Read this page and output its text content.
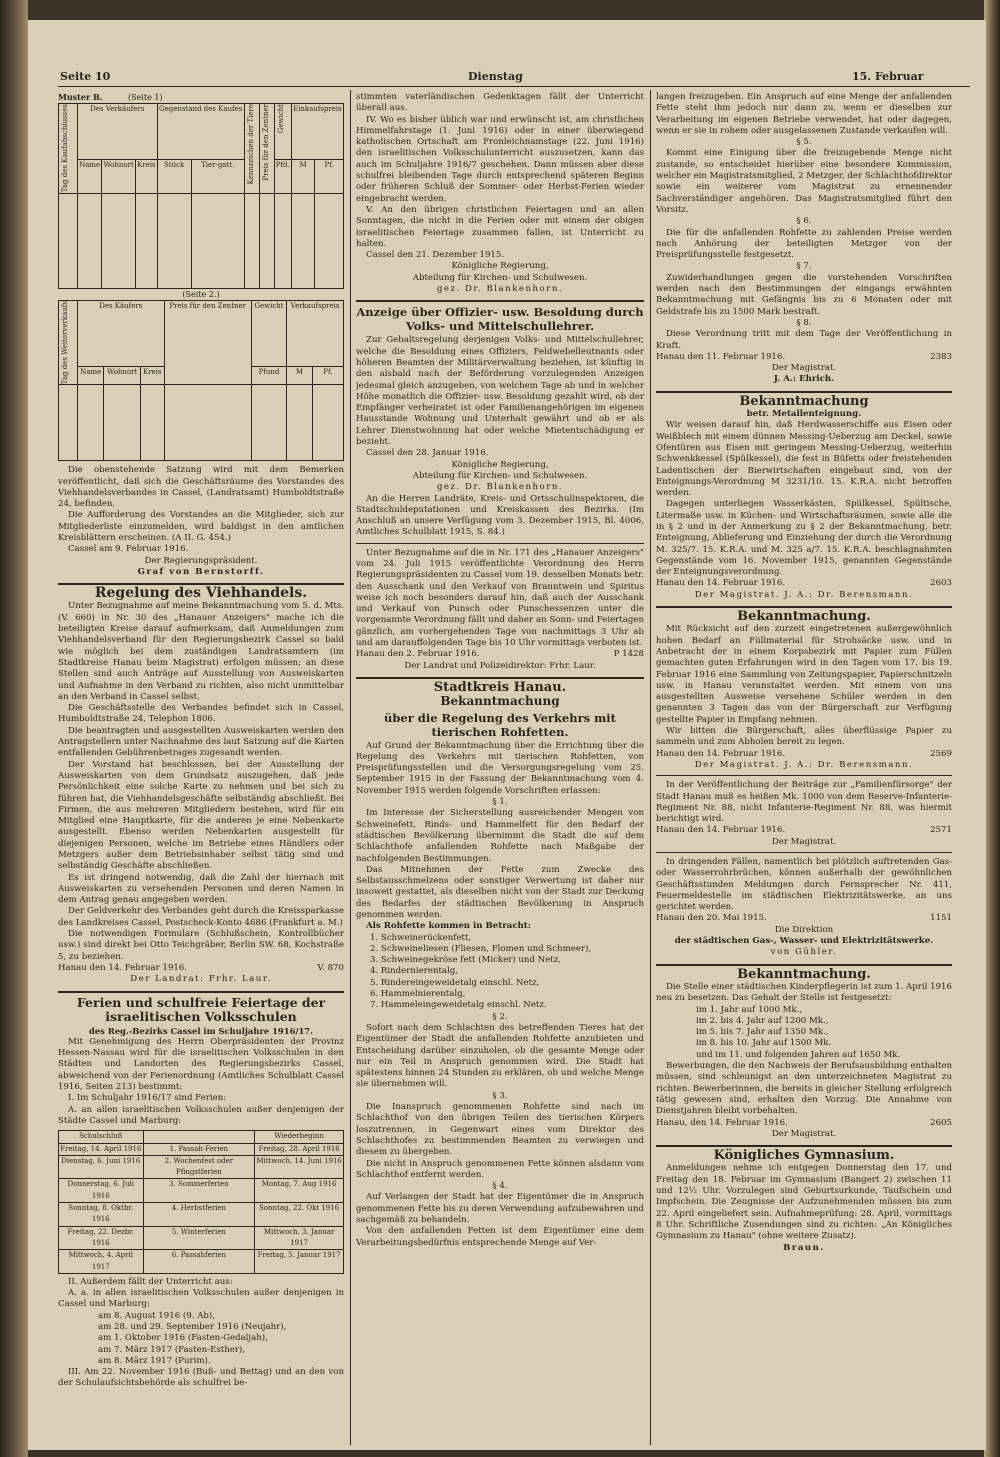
Seite 10	Dienstag	15. Februar
Muster B.	(Seite 1)
Tag des Kaufabschlusses	Des Verkäufers			Gegenstand des Kaufes		Kennzeichen der Tiere	Preis für den Zentner	Gewicht	Einkaufspreis	
	Name	Wohnort	Kreis	Stück	Tier-gatt.			Pfd.	M	Pf.

(Seite 2.)
Tag des Weiterverkaufs	Des Käufers			Preis für den Zentner	Gewicht	Verkaufspreis	
	Name	Wohnort	Kreis		Pfund	M	Pf.

Die obenstehende Satzung wird mit dem Bemerken veröffentlicht, daß sich die Geschäftsräume des Vorstandes des Viehhandelsverbandes in Cassel, (Landratsamt) Humboldtstraße 24, befinden.

Die Aufforderung des Vorstandes an die Mitglieder, sich zur Mitgliederliste einzumelden, wird baldigst in den amtlichen Kreisblättern erscheinen. (A II. G. 454.)

Cassel am 9. Februar 1916.

Der Regierungspräsident.
Graf von Bernstorff.
Regelung des Viehhandels.

Unter Bezugnahme auf meine Bekanntmachung vom 5. d. Mts. (V. 660) in Nr. 30 des „Hanauer Anzeigers" mache ich die beteiligten Kreise darauf aufmerksam, daß Anmeldungen zum Viehhandelsverband für den Regierungsbezirk Cassel so bald wie möglich bei dem zuständigen Landratsamtern (im Stadtkreise Hanau beim Magistrat) erfolgen müssen; an diese Stellen sind auch Anträge auf Ausstellung von Ausweiskarten und Aufnahme in den Verband zu richten, also nicht unmittelbar an den Verband in Cassel selbst.

Die Geschäftsstelle des Verbandes befindet sich in Cassel, Humboldtstraße 24, Telephon 1806.

Die beantragten und ausgestellten Ausweiskarten werden den Antragstellern unter Nachnahme des laut Satzung auf die Karten entfallenden Gebührenbetrages zugesandt werden.

Der Vorstand hat beschlossen, bei der Ausstellung der Ausweiskarten von dem Grundsatz auszugehen, daß jede Persönlichkeit eine solche Karte zu nehmen und bei sich zu führen hat, die Viehhandelsgeschäfte selbständig abschließt. Bei Firmen, die aus mehreren Mitgliedern bestehen, wird für ein Mitglied eine Hauptkarte, für die anderen je eine Nebenkarte ausgestellt. Ebenso werden Nebenkarten ausgestellt für diejenigen Personen, welche im Betriebe eines Händlers oder Metzgers außer dem Betriebsinhaber selbst tätig sind und selbständig Geschäfte abschließen.

Es ist dringend notwendig, daß die Zahl der hiernach mit Ausweiskarten zu versehenden Personen und deren Namen in dem Antrag genau angegeben werden.

Der Geldverkehr des Verbandes geht durch die Kreissparkasse des Landkreises Cassel, Postscheck-Konto 4686 (Frankfurt a. M.)

Die notwendigen Formulare (Schlußschein, Kontrollbücher usw.) sind direkt bei Otto Teichgräber, Berlin SW. 68, Kochstraße 5, zu beziehen.

Hanau den 14. Februar 1916.	V. 870

Der Landrat: Frhr. Laur.
Ferien und schulfreie Feiertage der israelitischen Volksschulen
des Reg.-Bezirks Cassel im Schuljahre 1916/17.

Mit Genehmigung des Herrn Oberpräsidenten der Provinz Hessen-Nassau wird für die israelitischen Volksschulen in den Städten und Landorten des Regierungsbezirks Cassel, abweichend von der Ferienordnung (Amtliches Schulblatt Cassel 1916, Seiten 213) bestimmt:

I. Im Schuljahr 1916/17 sind Ferien:

A. an allen israelitischen Volksschulen außer denjenigen der Städte Cassel und Marburg:

Schulschluß		Wiederbeginn
Freitag, 14. April 1916	1. Passah-Ferien	Freitag, 28. April 1916
Dienstag, 6. Juni 1916	2. Wochenfest oder Pfingstferien	Mittwoch, 14. Juni 1916
Donnerstag, 6. Juli 1916	3. Sommerferien	Montag, 7. Aug 1916
Sonntag, 8. Oktbr. 1916	4. Herbstferien	Sonntag, 22. Okt 1916
Freitag, 22. Dezbr. 1916	5. Winterferien	Mittwoch, 3. Januar 1917
Mittwoch, 4. April 1917	6. Passahferien	Freitag, 5. Januar 1917

II. Außerdem fällt der Unterricht aus:

A. a. in allen israelitischen Volksschulen außer denjenigen in Cassel und Marburg:

am 8. August 1916 (9. Ab),

am 28. und 29. September 1916 (Neujahr),

am 1. Oktober 1916 (Fasten-Gedaljah),

am 7. März 1917 (Fasten-Esther),

am 8. März 1917 (Purim).

III. Am 22. November 1916 (Buß- und Bettag) und an den von der Schulaufsichtsbehörde als schulfrei be-

stimmten vaterländischen Gedenktagen fällt der Unterricht überall aus.

IV. Wo es bisher üblich war und erwünscht ist, am christlichen Himmelfahrstage (1. Juni 1916) oder in einer überwiegend katholischen Ortschaft am Fronleichnamstage (22. Juni 1916) den israelitischen Volksschulunterricht auszusetzen, kann das auch im Schuljahre 1916/7 geschehen. Dann müssen aber diese schulfrei bleibenden Tage durch entsprechend späteren Beginn oder früheren Schluß der Sommer- oder Herbst-Ferien wieder eingebracht werden.

V. An den übrigen christlichen Feiertagen und an allen Sonntagen, die nicht in die Ferien oder mit einem der obigen israelitischen Feiertage zusammen fallen, ist Unterricht zu halten.

Cassel den 21. Dezember 1915.

Königliche Regierung,
Abteilung für Kirchen- und Schulwesen.
gez. Dr. Blankenhorn.
Anzeige über Offizier- usw. Besoldung durch Volks- und Mittelschullehrer.

Zur Gehaltsregelung derjenigen Volks- und Mittelschullehrer, welche die Besoldung eines Offiziers, Feldwebelleutnants oder höheren Beamten der Militärverwaltung beziehen, ist künftig in den alsbald nach der Beförderung vorzulegenden Anzeigen jedesmal gleich anzugeben, von welchem Tage ab und in welcher Höhe monatlich die Offizier- usw. Besoldung gezahlt wird, ob der Empfänger verheiratet ist oder Familienangehörigen im eigenen Hausstande Wohnung und Unterhalt gewährt und ob er als Lehrer Dienstwohnung hat oder welche Mietentschädigung er bezieht.

Cassel den 28. Januar 1916.

Königliche Regierung,
Abteilung für Kirchen- und Schulwesen.
gez. Dr. Blankenhorn.

An die Herren Landräte, Kreis- und Ortsschulinspektoren, die Stadtschuldeputationen und Kreiskassen des Bezirks. (Im Anschluß an unsere Verfügung vom 3. Dezember 1915, Bl. 4006, Amtliches Schulblatt 1915, S. 84.)

Unter Bezugnahme auf die in Nr. 171 des „Hanauer Anzeigers" vom 24. Juli 1915 veröffentlichte Verordnung des Herrn Regierungspräsidenten zu Cassel vom 19. desselben Monats betr. den Ausschank und den Verkauf von Branntwein und Spiritus weise ich noch besonders darauf hin, daß auch der Ausschank und Verkauf von Punsch oder Punschessenzen unter die vorgenannte Verordnung fällt und daher an Sonn- und Feiertagen gänzlich, am vorhergehenden Tage von nachmittags 3 Uhr ab und am darauffolgenden Tage bis 10 Uhr vormittags verboten ist.

Hanau den 2. Februar 1916.	P 1428

Der Landrat und Polizeidirektor: Frhr. Laur.
Stadtkreis Hanau.
Bekanntmachung
über die Regelung des Verkehrs mit tierischen Rohfetten.

Auf Grund der Bekanntmachung über die Errichtung über die Regelung des Verkehrs mit tierischen Rohfetten, von Preisprüfungsstellen und die Versorgungsregelung vom 25. September 1915 in der Fassung der Bekanntmachung vom 4. November 1915 werden folgende Vorschriften erlassen:

§ 1.

Im Interesse der Sicherstellung ausreichender Mengen von Schweinefett, Rinds- und Hammelfett für den Bedarf der städtischen Bevölkerung übernimmt die Stadt die auf dem Schlachthofe anfallenden Rohfette nach Maßgabe der nachfolgenden Bestimmungen.

Das Mitnehmen der Fette zum Zwecke des Selbstausschmelzens oder sonstiger Verwertung ist daher nur insoweit gestattet, als dieselben nicht von der Stadt zur Deckung des Bedarfes der städtischen Bevölkerung in Anspruch genommen werden.

Als Rohfette kommen in Betracht:

1. Schweinerückenfett,

2. Schweineliesen (Fliesen, Flomen und Schmeer),

3. Schweinegekröse fett (Micker) und Netz,

4. Rindernierentalg,

5. Rindereingeweidetalg einschl. Netz,

6. Hammelnierentalg,

7. Hammeleingeweidetalg einschl. Netz.

§ 2.

Sofort nach dem Schlachten des betreffenden Tieres hat der Eigentümer der Stadt die anfallenden Rohfette anzubieten und Entscheidung darüber einzuholen, ob die gesamte Menge oder nur ein Teil in Anspruch genommen wird. Die Stadt hat spätestens binnen 24 Stunden zu erklären, ob und welche Menge sie übernehmen will.

§ 3.

Die Inanspruch genommenen Rohfette sind nach im Schlachthof von den übrigen Teilen des tierischen Körpers loszutrennen, in Gegenwart eines vom Direktor des Schlachthofes zu bestimmenden Beamten zu verwiegen und diesem zu übergeben.

Die nicht in Anspruch genommenen Fette können alsdann vom Schlachthof entfernt werden.

§ 4.

Auf Verlangen der Stadt hat der Eigentümer die in Anspruch genommenen Fette bis zu deren Verwendung aufzubewahren und sachgemäß zu behandeln.

Von den anfallenden Fetten ist dem Eigentümer eine dem Verarbeitungsbedürfnis entsprechende Menge auf Ver-

langen freizugeben. Ein Anspruch auf eine Menge der anfallenden Fette steht ihm jedoch nur dann zu, wenn er dieselben zur Verarbeitung im eigenen Betriebe verwendet, hat oder dagegen, wenn er sie in rohem oder ausgelassenen Zustande verkaufen will.

§ 5.

Kommt eine Einigung über die freizugebende Menge nicht zustande, so entscheidet hierüber eine besondere Kommission, welcher ein Magistratsmitglied, 2 Metzger, der Schlachthofdirektor sowie ein weiterer vom Magistrat zu ernennender Sachverständiger angehören. Das Magistratsmitglied führt den Vorsitz.

§ 6.

Die für die anfallenden Rohfette zu zahlenden Preise werden nach Anhörung der beteiligten Metzger von der Preisprüfungsstelle festgesetzt.

§ 7.

Zuwiderhandlungen gegen die vorstehenden Vorschriften werden nach den Bestimmungen der eingangs erwähnten Bekanntmachung mit Gefängnis bis zu 6 Monaten oder mit Geldstrafe bis zu 1500 Mark bestraft.

§ 8.

Diese Verordnung tritt mit dem Tage der Veröffentlichung in Kraft.

Hanau den 11. Februar 1916.	2383

Der Magistrat.
J. A.: Ehrich.
Bekanntmachung
betr. Metallenteignung.

Wir weisen darauf hin, daß Herdwasserschiffe aus Eisen oder Weißblech mit einem dünnen Messing-Ueberzug am Deckel, sowie Ofentüren aus Eisen mit geringem Messing-Ueberzug, weiterhin Schwenkkessel (Spülkessel), die fest in Büfetts oder freistehenden Ladentischen der Bierwirtschaften eingebaut sind, von der Enteignungs-Verordnung M 3231/10. 15. K.R.A. nicht betroffen werden.

Dagegen unterliegen Wasserkästen, Spülkessel, Spültische, Litermaße usw. in Küchen- und Wirtschaftsräumen, sowie alle die in § 2 und in der Anmerkung zu § 2 der Bekanntmachung, betr. Enteignung, Ablieferung und Einziehung der durch die Verordnung M. 325/7. 15. K.R.A. und M. 325 a/7. 15. K.R.A. beschlagnahmten Gegenstände vom 16. November 1915, genannten Gegenstände der Enteignungsverordnung.

Hanau den 14. Februar 1916.	2603

Der Magistrat. J. A.: Dr. Berensmann.
Bekanntmachung.

Mit Rücksicht auf den zurzeit eingetretenen außergewöhnlich hohen Bedarf an Füllmaterial für Strohsäcke usw. und in Anbetracht der in einem Korpsbezirk mit Papier zum Füllen gemachten guten Erfahrungen wird in den Tagen vom 17. bis 19. Februar 1916 eine Sammlung von Zeitungspapier, Papierschnitzeln usw. in Hanau veranstaltet werden. Mit einem von uns ausgestellten Ausweise versehene Schüler werden in den genannten 3 Tagen das von der Bürgerschaft zur Verfügung gestellte Papier in Empfang nehmen.

Wir bitten die Bürgerschaft, alles überflüssige Papier zu sammeln und zum Abholen bereit zu legen.

Hanau den 14. Februar 1916.	2569

Der Magistrat. J. A.: Dr. Berensmann.

In der Veröffentlichung der Beiträge zur „Familienfürsorge" der Stadt Hanau muß es heißen Mk. 1000 von dem Reserve-Infanterie-Regiment Nr. 88, nicht Infanterie-Regiment Nr. 88, was hiermit berichtigt wird.

Hanau den 14. Februar 1916.	2571

Der Magistrat.

In dringenden Fällen, namentlich bei plötzlich auftretenden Gas- oder Wasserrohrbrüchen, können außerhalb der gewöhnlichen Geschäftsstunden Meldungen durch Fernsprecher Nr. 411, Feuermeldestelle im städtischen Elektrizitätswerke, an uns gerichtet werden.

Hanau den 20. Mai 1915.	1151

Die Direktion
der städtischen Gas-, Wasser- und Elektrizitätswerke.
von Gühler.
Bekanntmachung.

Die Stelle einer städtischen Kinderpflegerin ist zum 1. April 1916 neu zu besetzen. Das Gehalt der Stelle ist festgesetzt:

im 1. Jahr auf 1000 Mk.,

im 2. bis 4. Jahr auf 1200 Mk.,

im 5. bis 7. Jahr auf 1350 Mk.,

im 8. bis 10. Jahr auf 1500 Mk.

und im 11. und folgenden Jahren auf 1650 Mk.

Bewerbungen, die den Nachweis der Berufsausbildung enthalten müssen, sind schleunigst an den unterzeichneten Magistrat zu richten. Bewerberinnen, die bereits in gleicher Stellung erfolgreich tätig gewesen sind, erhalten den Vorzug. Die Annahme von Dienstjahren bleibt vorbehalten.

Hanau, den 14. Februar 1916.	2605

Der Magistrat.
Königliches Gymnasium.

Anmeldungen nehme ich entgegen Donnerstag den 17. und Freitag den 18. Februar im Gymnasium (Bangert 2) zwischen 11 und 12½ Uhr. Vorzulegen sind Geburtsurkunde, Taufschein und Impfschein. Die Zeugnisse der Aufzunehmenden müssen bis zum 22. April eingeliefert sein. Aufnahmeprüfung: 28. April, vormittags 8 Uhr. Schriftliche Zusendungen sind zu richten: „An Königliches Gymnasium zu Hanau" (ohne weitere Zusatz).

Braun.
